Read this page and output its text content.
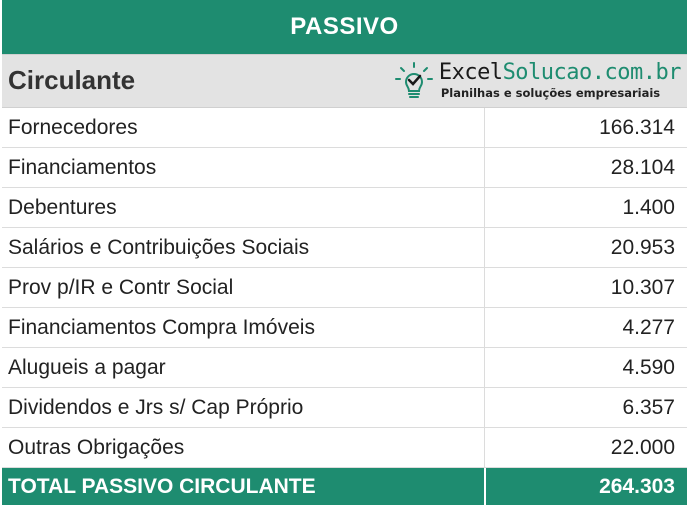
PASSIVO
Circulante	ExcelSolucao.com.br
Planilhas e soluções empresariais
Fornecedores	166.314
Financiamentos	28.104
Debentures	1.400
Salários e Contribuições Sociais	20.953
Prov p/IR e Contr Social	10.307
Financiamentos Compra Imóveis	4.277
Alugueis a pagar	4.590
Dividendos e Jrs s/ Cap Próprio	6.357
Outras Obrigações	22.000
TOTAL PASSIVO CIRCULANTE	264.303
